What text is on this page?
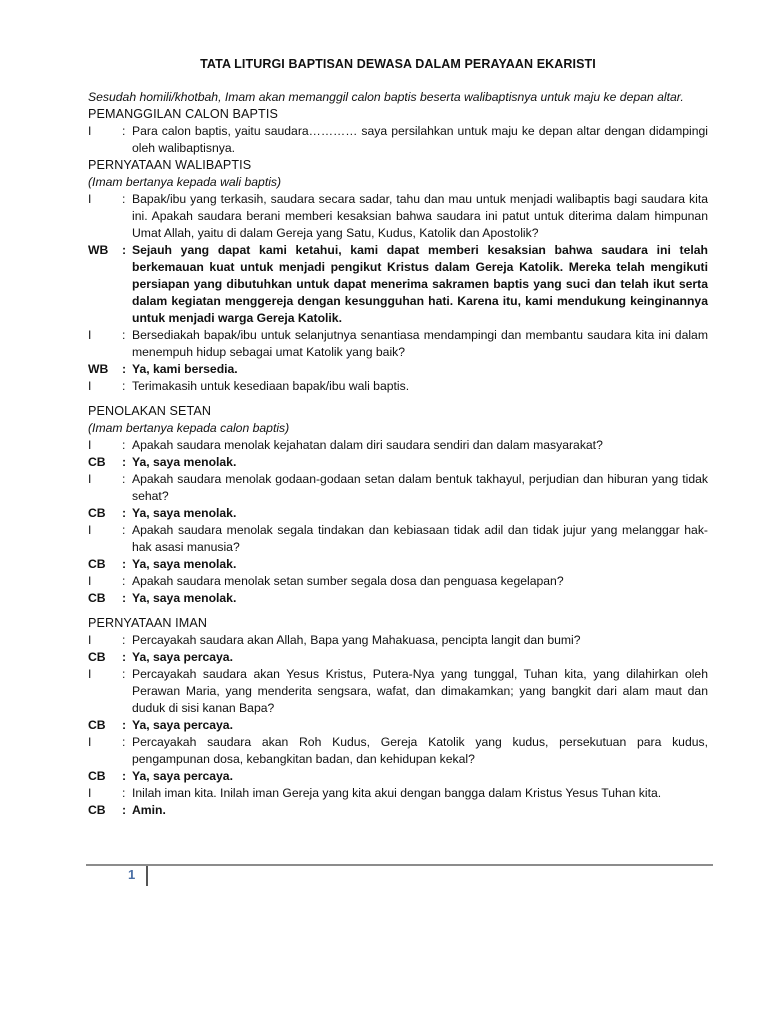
TATA LITURGI BAPTISAN DEWASA DALAM PERAYAAN EKARISTI

Sesudah homili/khotbah, Imam akan memanggil calon baptis beserta walibaptisnya untuk maju ke depan altar.

PEMANGGILAN CALON BAPTIS

I	: Para calon baptis, yaitu saudara………… saya persilahkan untuk maju ke depan altar dengan didampingi oleh walibaptisnya.

PERNYATAAN WALIBAPTIS

(Imam bertanya kepada wali baptis)

I	: Bapak/ibu yang terkasih, saudara secara sadar, tahu dan mau untuk menjadi walibaptis bagi saudara kita ini. Apakah saudara berani memberi kesaksian bahwa saudara ini patut untuk diterima dalam himpunan Umat Allah, yaitu di dalam Gereja yang Satu, Kudus, Katolik dan Apostolik?
WB	: Sejauh yang dapat kami ketahui, kami dapat memberi kesaksian bahwa saudara ini telah berkemauan kuat untuk menjadi pengikut Kristus dalam Gereja Katolik. Mereka telah mengikuti persiapan yang dibutuhkan untuk dapat menerima sakramen baptis yang suci dan telah ikut serta dalam kegiatan menggereja dengan kesungguhan hati. Karena itu, kami mendukung keinginannya untuk menjadi warga Gereja Katolik.
I	: Bersediakah bapak/ibu untuk selanjutnya senantiasa mendampingi dan membantu saudara kita ini dalam menempuh hidup sebagai umat Katolik yang baik?
WB	: Ya, kami bersedia.
I	: Terimakasih untuk kesediaan bapak/ibu wali baptis.

PENOLAKAN SETAN

(Imam bertanya kepada calon baptis)

I	: Apakah saudara menolak kejahatan dalam diri saudara sendiri dan dalam masyarakat?
CB	: Ya, saya menolak.
I	: Apakah saudara menolak godaan-godaan setan dalam bentuk takhayul, perjudian dan hiburan yang tidak sehat?
CB	: Ya, saya menolak.
I	: Apakah saudara menolak segala tindakan dan kebiasaan tidak adil dan tidak jujur yang melanggar hak-hak asasi manusia?
CB	: Ya, saya menolak.
I	: Apakah saudara menolak setan sumber segala dosa dan penguasa kegelapan?
CB	: Ya, saya menolak.

PERNYATAAN IMAN

I	: Percayakah saudara akan Allah, Bapa yang Mahakuasa, pencipta langit dan bumi?
CB	: Ya, saya percaya.
I	: Percayakah saudara akan Yesus Kristus, Putera-Nya yang tunggal, Tuhan kita, yang dilahirkan oleh Perawan Maria, yang menderita sengsara, wafat, dan dimakamkan; yang bangkit dari alam maut dan duduk di sisi kanan Bapa?
CB	: Ya, saya percaya.
I	: Percayakah saudara akan Roh Kudus, Gereja Katolik yang kudus, persekutuan para kudus, pengampunan dosa, kebangkitan badan, dan kehidupan kekal?
CB	: Ya, saya percaya.
I	: Inilah iman kita. Inilah iman Gereja yang kita akui dengan bangga dalam Kristus Yesus Tuhan kita.
CB	: Amin.
1
